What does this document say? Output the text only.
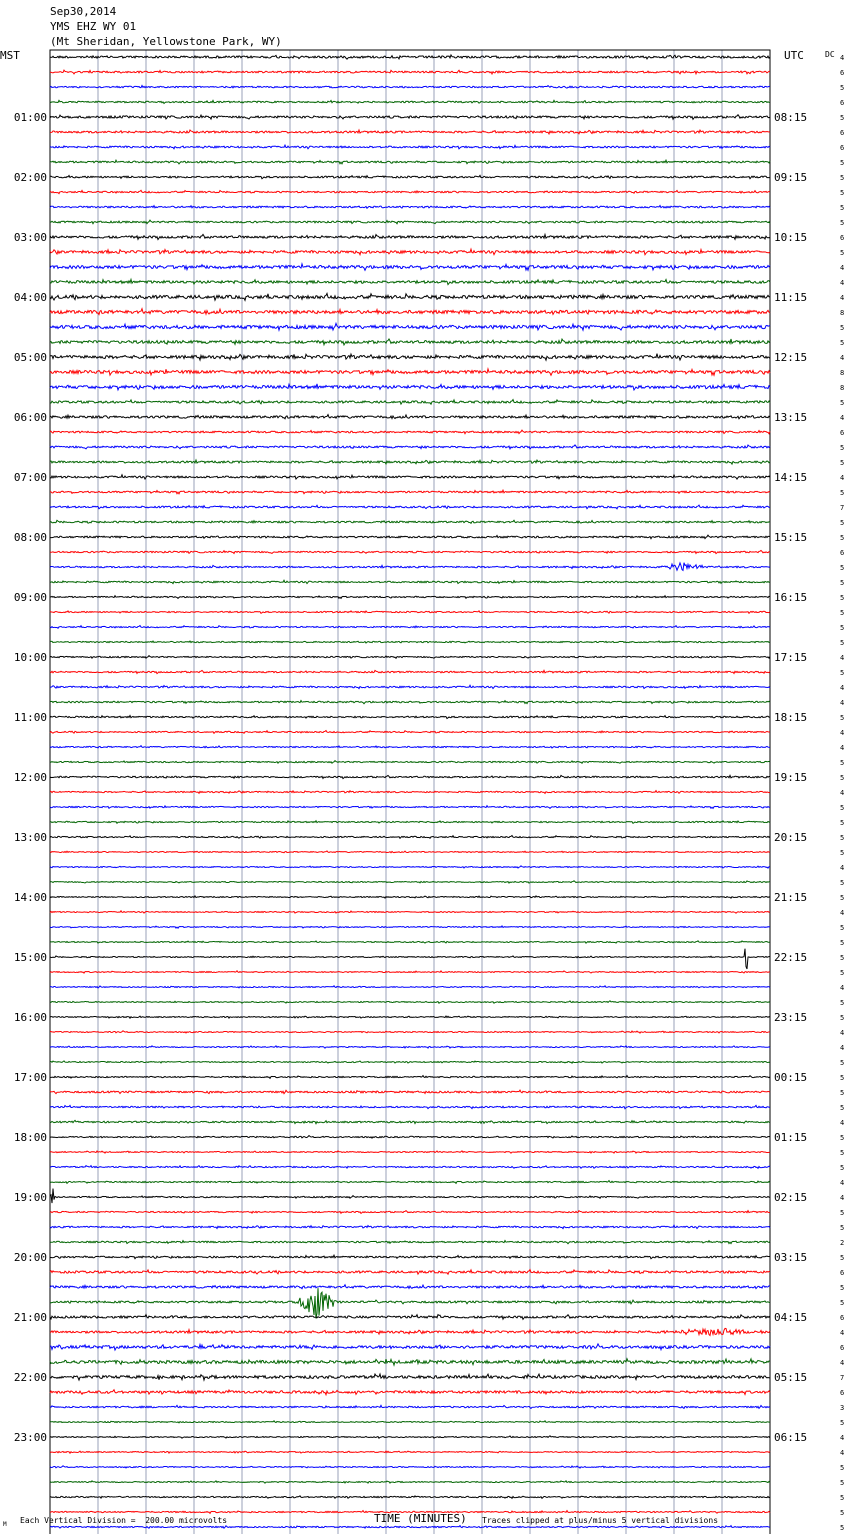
01:00
02:00
03:00
04:00
05:00
06:00
07:00
08:00
09:00
10:00
11:00
12:00
13:00
14:00
15:00
16:00
17:00
18:00
19:00
20:00
21:00
22:00
23:00
08:15
09:15
10:15
11:15
12:15
13:15
14:15
15:15
16:15
17:15
18:15
19:15
20:15
21:15
22:15
23:15
00:15
01:15
02:15
03:15
04:15
05:15
06:15
4
6
5
6
5
6
6
5
5
5
5
5
6
5
4
4
4
8
5
5
4
8
8
5
4
6
5
5
4
5
7
5
5
6
5
5
5
5
5
5
4
5
4
4
5
4
4
5
5
4
5
5
5
5
4
5
5
4
5
5
5
5
4
5
5
4
4
5
5
5
5
4
5
5
5
4
4
5
5
2
5
6
5
5
6
4
6
4
7
6
3
5
4
4
5
5
5
5
5
Sep30,2014
YMS EHZ WY 01
(Mt Sheridan, Yellowstone Park, WY)
MST	UTC	DC
M Each Vertical Division =  200.00 microvolts	TIME (MINUTES) Traces clipped at plus/minus 5 vertical divisions
